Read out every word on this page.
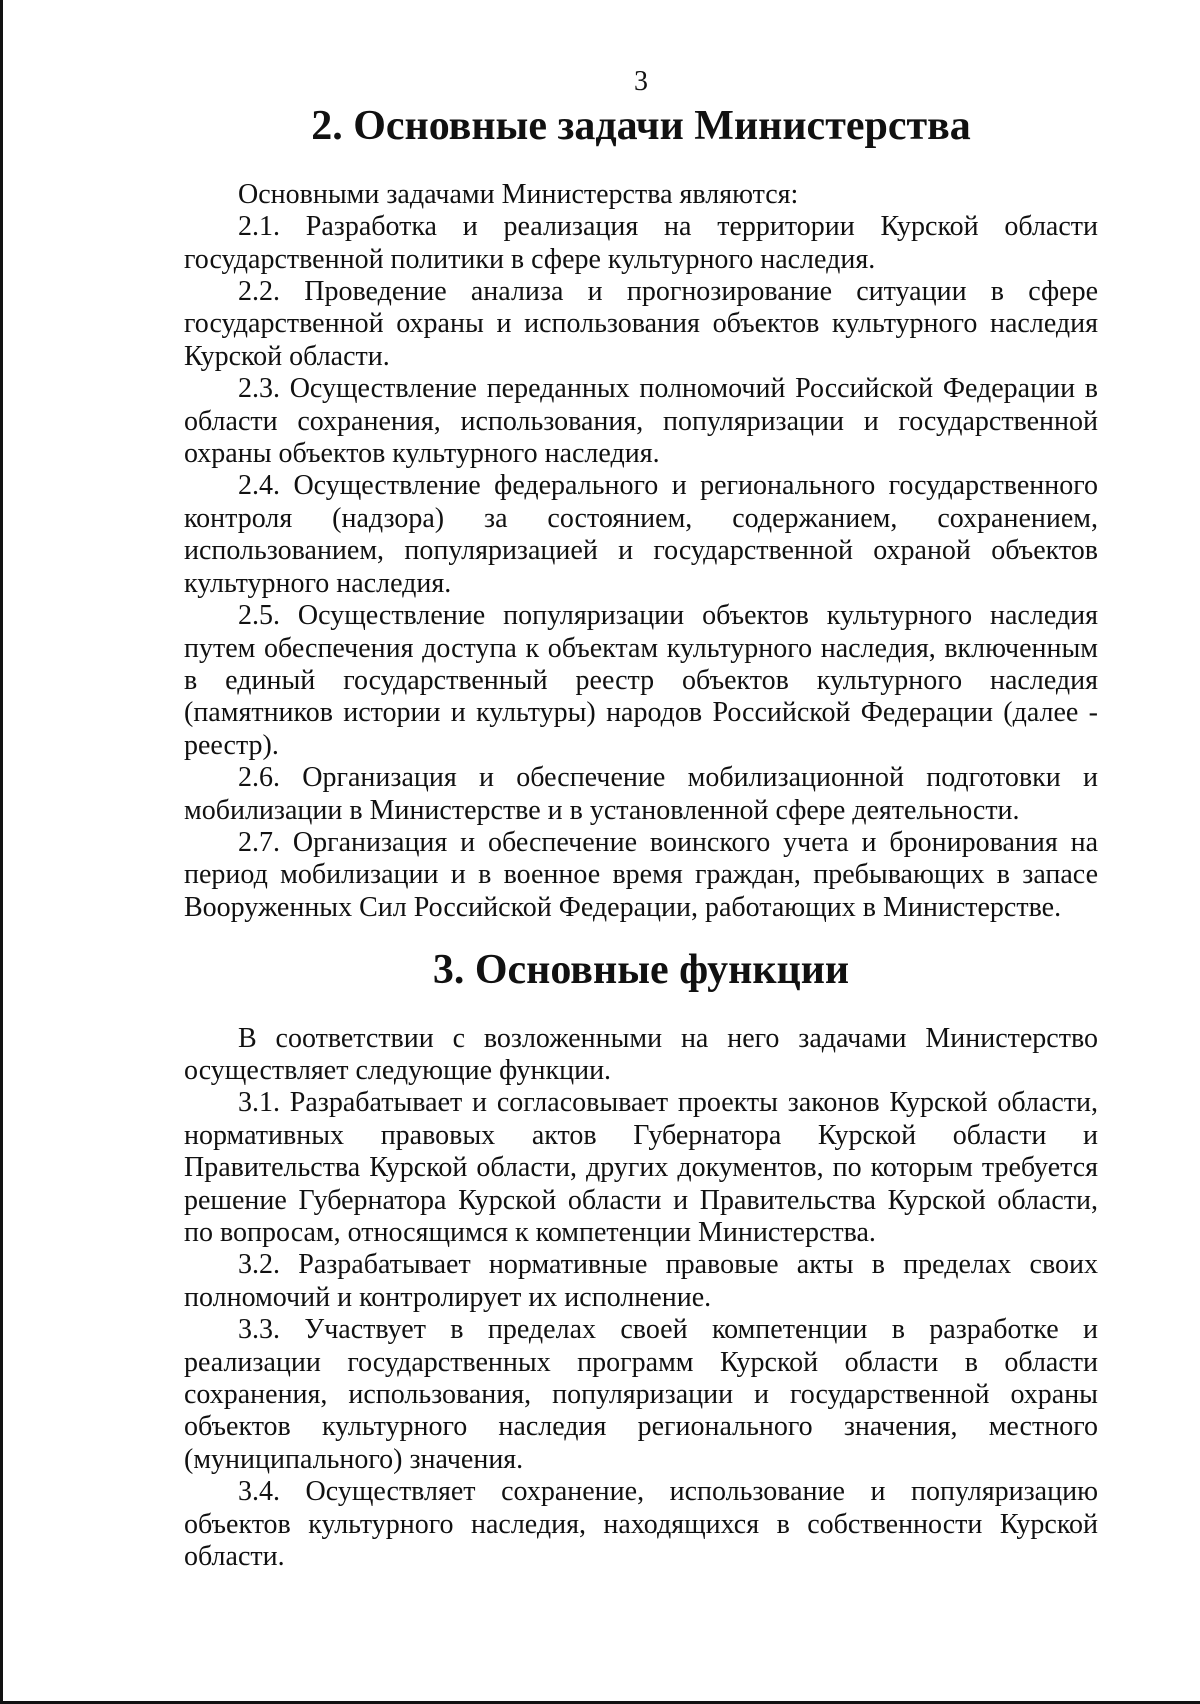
3
2. Основные задачи Министерства

Основными задачами Министерства являются:

2.1. Разработка и реализация на территории Курской области государственной политики в сфере культурного наследия.

2.2. Проведение анализа и прогнозирование ситуации в сфере государственной охраны и использования объектов культурного наследия Курской области.

2.3. Осуществление переданных полномочий Российской Федерации в области сохранения, использования, популяризации и государственной охраны объектов культурного наследия.

2.4. Осуществление федерального и регионального государственного контроля (надзора) за состоянием, содержанием, сохранением, использованием, популяризацией и государственной охраной объектов культурного наследия.

2.5. Осуществление популяризации объектов культурного наследия путем обеспечения доступа к объектам культурного наследия, включенным в единый государственный реестр объектов культурного наследия (памятников истории и культуры) народов Российской Федерации (далее - реестр).

2.6. Организация и обеспечение мобилизационной подготовки и мобилизации в Министерстве и в установленной сфере деятельности.

2.7. Организация и обеспечение воинского учета и бронирования на период мобилизации и в военное время граждан, пребывающих в запасе Вооруженных Сил Российской Федерации, работающих в Министерстве.

3. Основные функции

В соответствии с возложенными на него задачами Министерство осуществляет следующие функции.

3.1. Разрабатывает и согласовывает проекты законов Курской области, нормативных правовых актов Губернатора Курской области и Правительства Курской области, других документов, по которым требуется решение Губернатора Курской области и Правительства Курской области, по вопросам, относящимся к компетенции Министерства.

3.2. Разрабатывает нормативные правовые акты в пределах своих полномочий и контролирует их исполнение.

3.3. Участвует в пределах своей компетенции в разработке и реализации государственных программ Курской области в области сохранения, использования, популяризации и государственной охраны объектов культурного наследия регионального значения, местного (муниципального) значения.

3.4. Осуществляет сохранение, использование и популяризацию объектов культурного наследия, находящихся в собственности Курской области.
